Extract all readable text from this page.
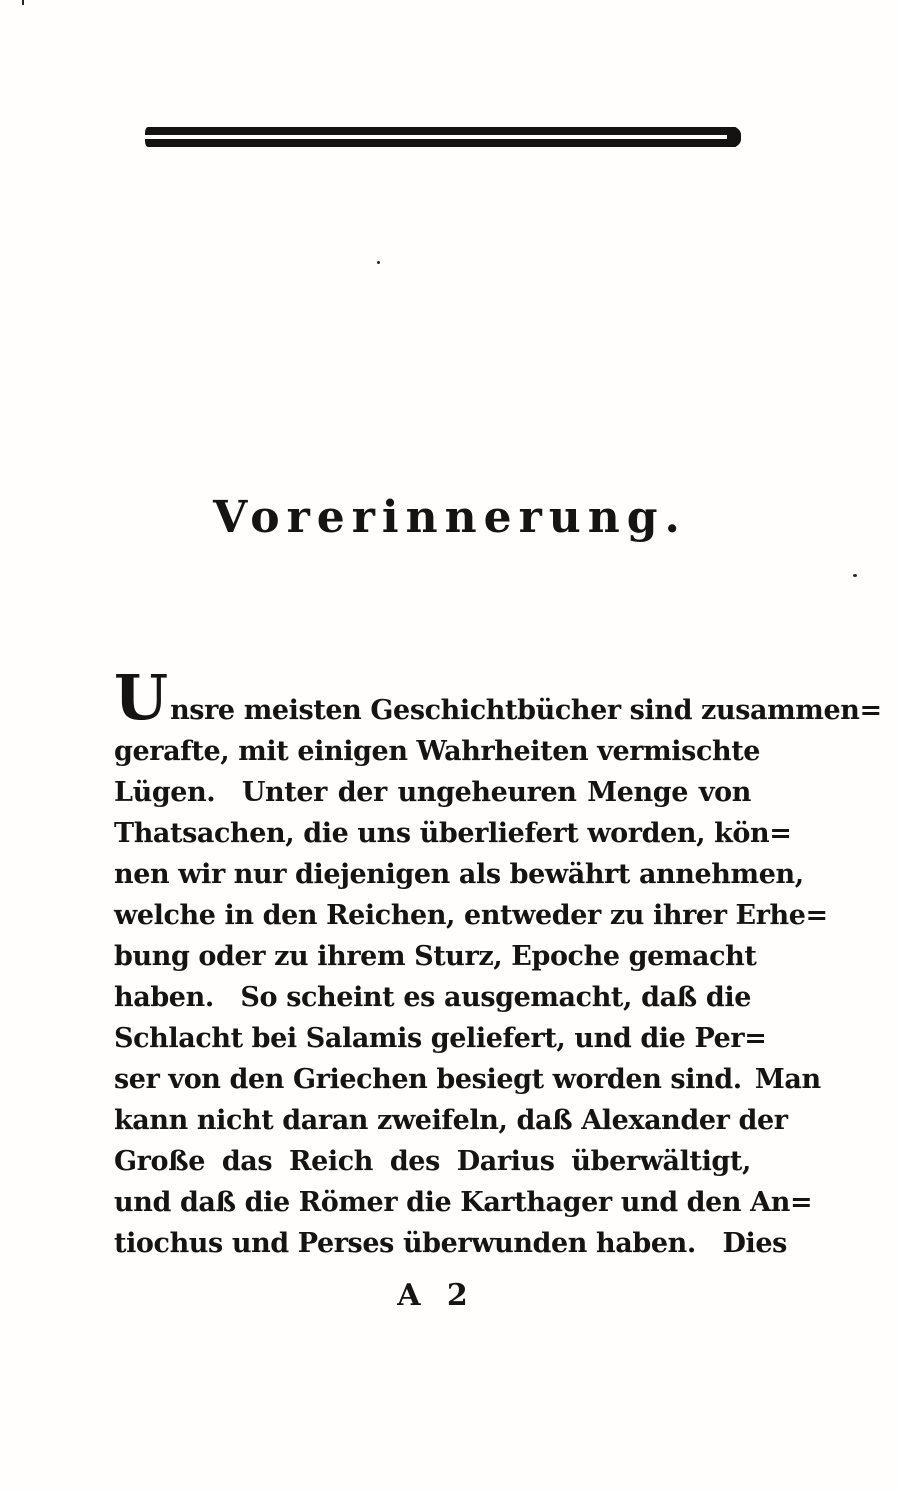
Vorerinnerung.
Unsre meisten Geschichtbücher sind zusammen=
gerafte, mit einigen Wahrheiten vermischte
Lügen. Unter der ungeheuren Menge von
Thatsachen, die uns überliefert worden, kön=
nen wir nur diejenigen als bewährt annehmen,
welche in den Reichen, entweder zu ihrer Erhe=
bung oder zu ihrem Sturz, Epoche gemacht
haben. So scheint es ausgemacht, daß die
Schlacht bei Salamis geliefert, und die Per=
ser von den Griechen besiegt worden sind. Man
kann nicht daran zweifeln, daß Alexander der
Große das Reich des Darius überwältigt,
und daß die Römer die Karthager und den An=
tiochus und Perses überwunden haben. Dies
A 2
